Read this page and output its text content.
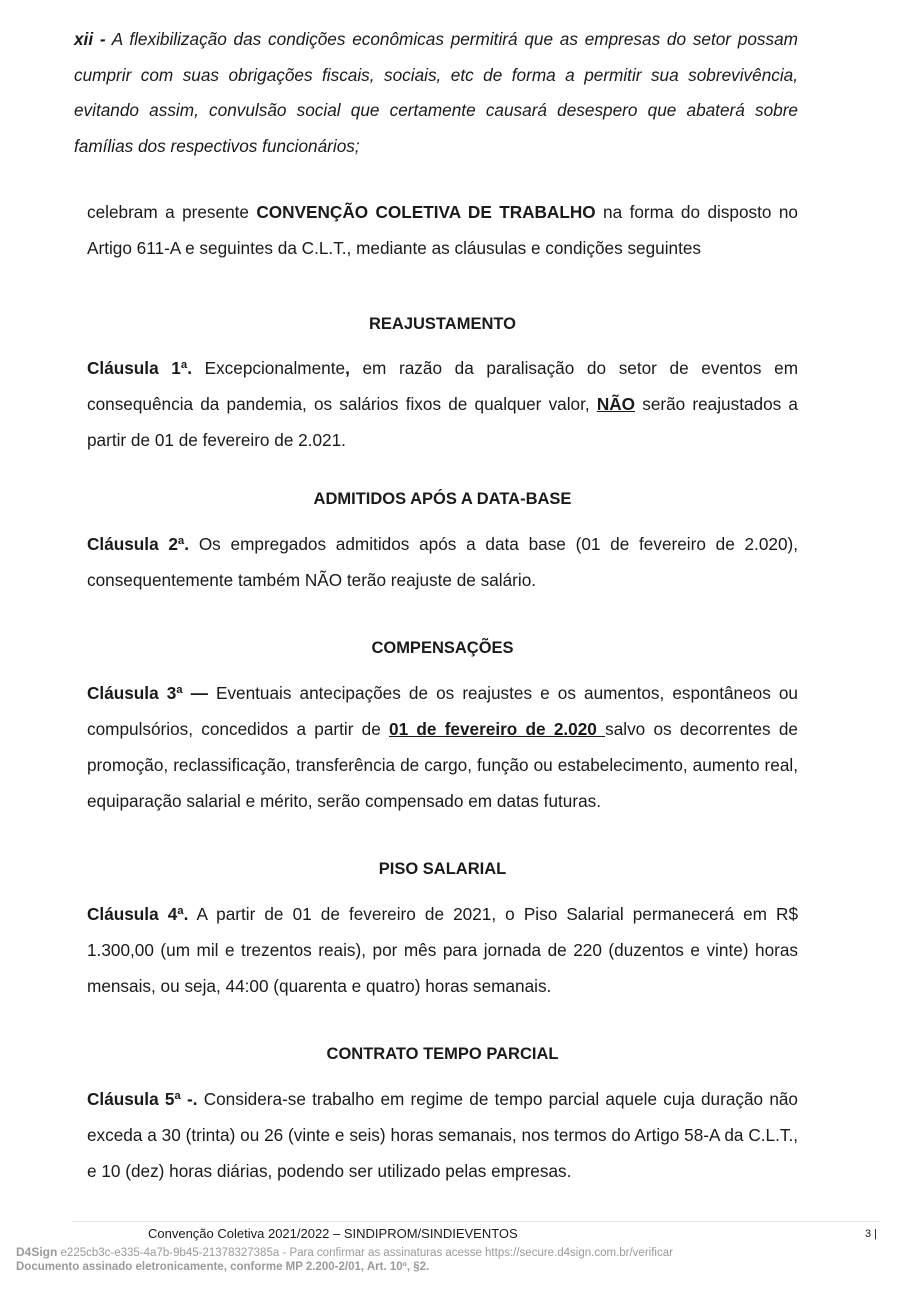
xii - A flexibilização das condições econômicas permitirá que as empresas do setor possam cumprir com suas obrigações fiscais, sociais, etc de forma a permitir sua sobrevivência, evitando assim, convulsão social que certamente causará desespero que abaterá sobre famílias dos respectivos funcionários;

celebram a presente CONVENÇÃO COLETIVA DE TRABALHO na forma do disposto no Artigo 611-A e seguintes da C.L.T., mediante as cláusulas e condições seguintes

REAJUSTAMENTO

Cláusula 1ª. Excepcionalmente, em razão da paralisação do setor de eventos em consequência da pandemia, os salários fixos de qualquer valor, NÃO serão reajustados a partir de 01 de fevereiro de 2.021.

ADMITIDOS APÓS A DATA-BASE

Cláusula 2ª. Os empregados admitidos após a data base (01 de fevereiro de 2.020), consequentemente também NÃO terão reajuste de salário.

COMPENSAÇÕES

Cláusula 3ª — Eventuais antecipações de os reajustes e os aumentos, espontâneos ou compulsórios, concedidos a partir de 01 de fevereiro de 2.020 salvo os decorrentes de promoção, reclassificação, transferência de cargo, função ou estabelecimento, aumento real, equiparação salarial e mérito, serão compensado em datas futuras.

PISO SALARIAL

Cláusula 4ª. A partir de 01 de fevereiro de 2021, o Piso Salarial permanecerá em R$ 1.300,00 (um mil e trezentos reais), por mês para jornada de 220 (duzentos e vinte) horas mensais, ou seja, 44:00 (quarenta e quatro) horas semanais.

CONTRATO TEMPO PARCIAL

Cláusula 5ª -. Considera-se trabalho em regime de tempo parcial aquele cuja duração não exceda a 30 (trinta) ou 26 (vinte e seis) horas semanais, nos termos do Artigo 58-A da C.L.T., e 10 (dez) horas diárias, podendo ser utilizado pelas empresas.

Convenção Coletiva 2021/2022 – SINDIPROM/SINDIEVENTOS	3 |
D4Sign e225cb3c-e335-4a7b-9b45-21378327385a - Para confirmar as assinaturas acesse https://secure.d4sign.com.br/verificar
Documento assinado eletronicamente, conforme MP 2.200-2/01, Art. 10º, §2.
